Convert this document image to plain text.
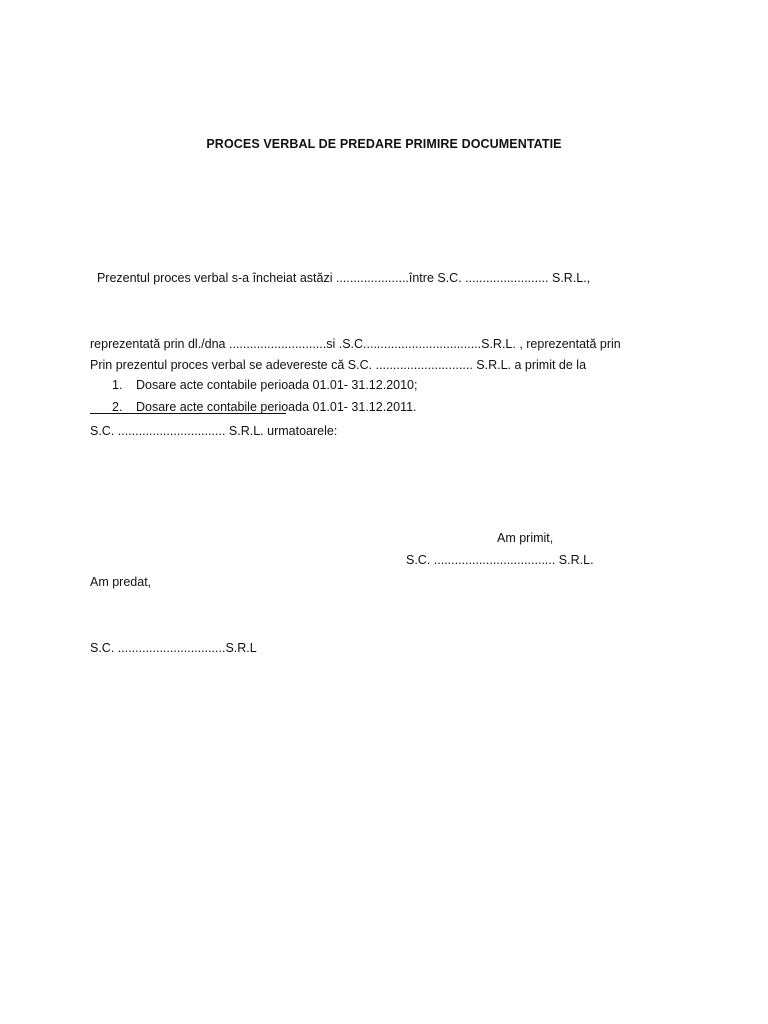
PROCES VERBAL DE PREDARE PRIMIRE DOCUMENTATIE

Prezentul proces verbal s-a încheiat astăzi .....................între S.C. ........................ S.R.L.,

reprezentată prin dl./dna ............................si .S.C..................................S.R.L. , reprezentată prin

Prin prezentul proces verbal se adevereste că S.C. ............................ S.R.L. a primit de la

S.C. ............................... S.R.L. urmatoarele:

1.	Dosare acte contabile perioada 01.01- 31.12.2010;
2.	Dosare acte contabile perioada 01.01- 31.12.2011.

Am predat,

S.C. ...............................S.R.L

Am primit,
S.C. ................................... S.R.L.
